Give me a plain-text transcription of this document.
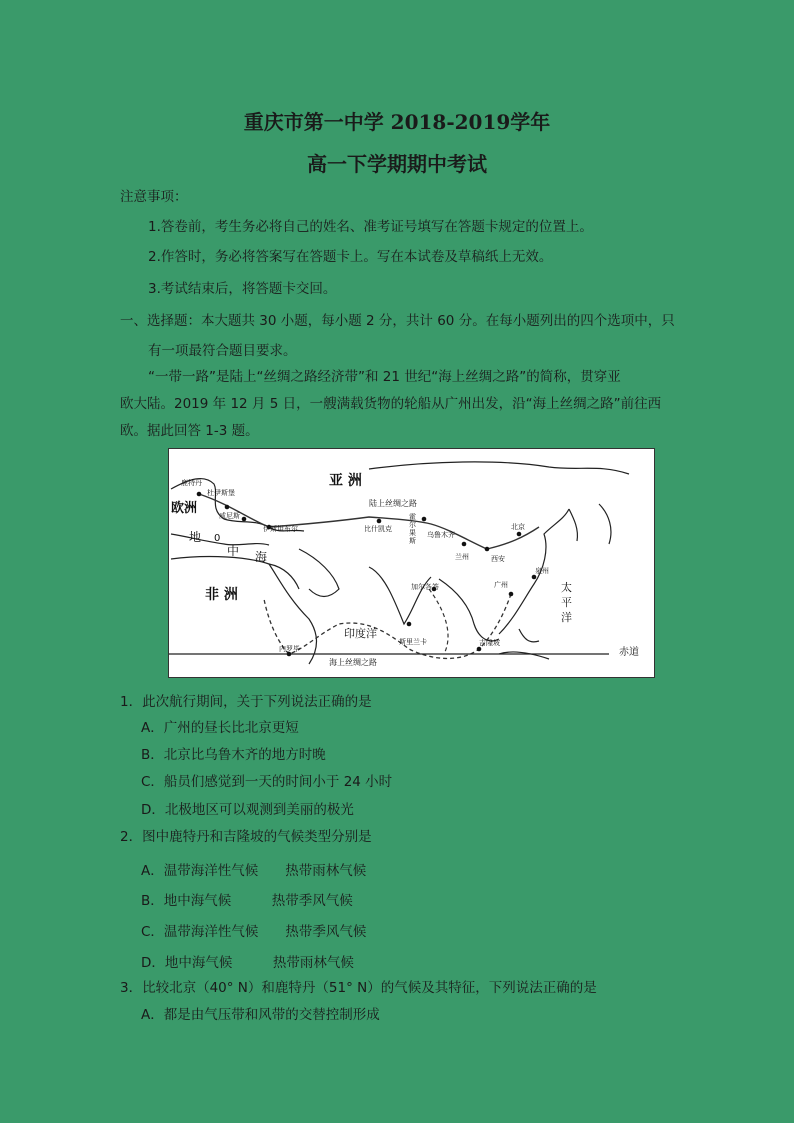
重庆市第一中学 2018-2019学年
高一下学期期中考试
注意事项：
1.答卷前，考生务必将自己的姓名、准考证号填写在答题卡规定的位置上。
2.作答时，务必将答案写在答题卡上。写在本试卷及草稿纸上无效。
3.考试结束后，将答题卡交回。
一、选择题：本大题共 30 小题，每小题 2 分，共计 60 分。在每小题列出的四个选项中，只
有一项最符合题目要求。
“一带一路”是陆上“丝绸之路经济带”和 21 世纪“海上丝绸之路”的简称，贯穿亚
欧大陆。2019 年 12 月 5 日，一艘满载货物的轮船从广州出发，沿“海上丝绸之路”前往西
欧。据此回答 1-3 题。
亚 洲
欧洲
非 洲
地 0
中 海
印度洋
太
平
洋
赤道
陆上丝绸之路
海上丝绸之路
鹿特丹
杜伊斯堡
威尼斯
伊斯坦布尔	比什凯克
乌鲁木齐
霍
尔
果
斯
兰州	西安
北京
广州
泉州
加尔各答
斯里兰卡
内罗毕
吉隆坡
1．此次航行期间，关于下列说法正确的是
A．广州的昼长比北京更短
B．北京比乌鲁木齐的地方时晚
C．船员们感觉到一天的时间小于 24 小时
D．北极地区可以观测到美丽的极光
2．图中鹿特丹和吉隆坡的气候类型分别是
A．温带海洋性气候　　热带雨林气候
B．地中海气候　　　热带季风气候
C．温带海洋性气候　　热带季风气候
D．地中海气候　　　热带雨林气候
3．比较北京（40° N）和鹿特丹（51° N）的气候及其特征，下列说法正确的是
A．都是由气压带和风带的交替控制形成
